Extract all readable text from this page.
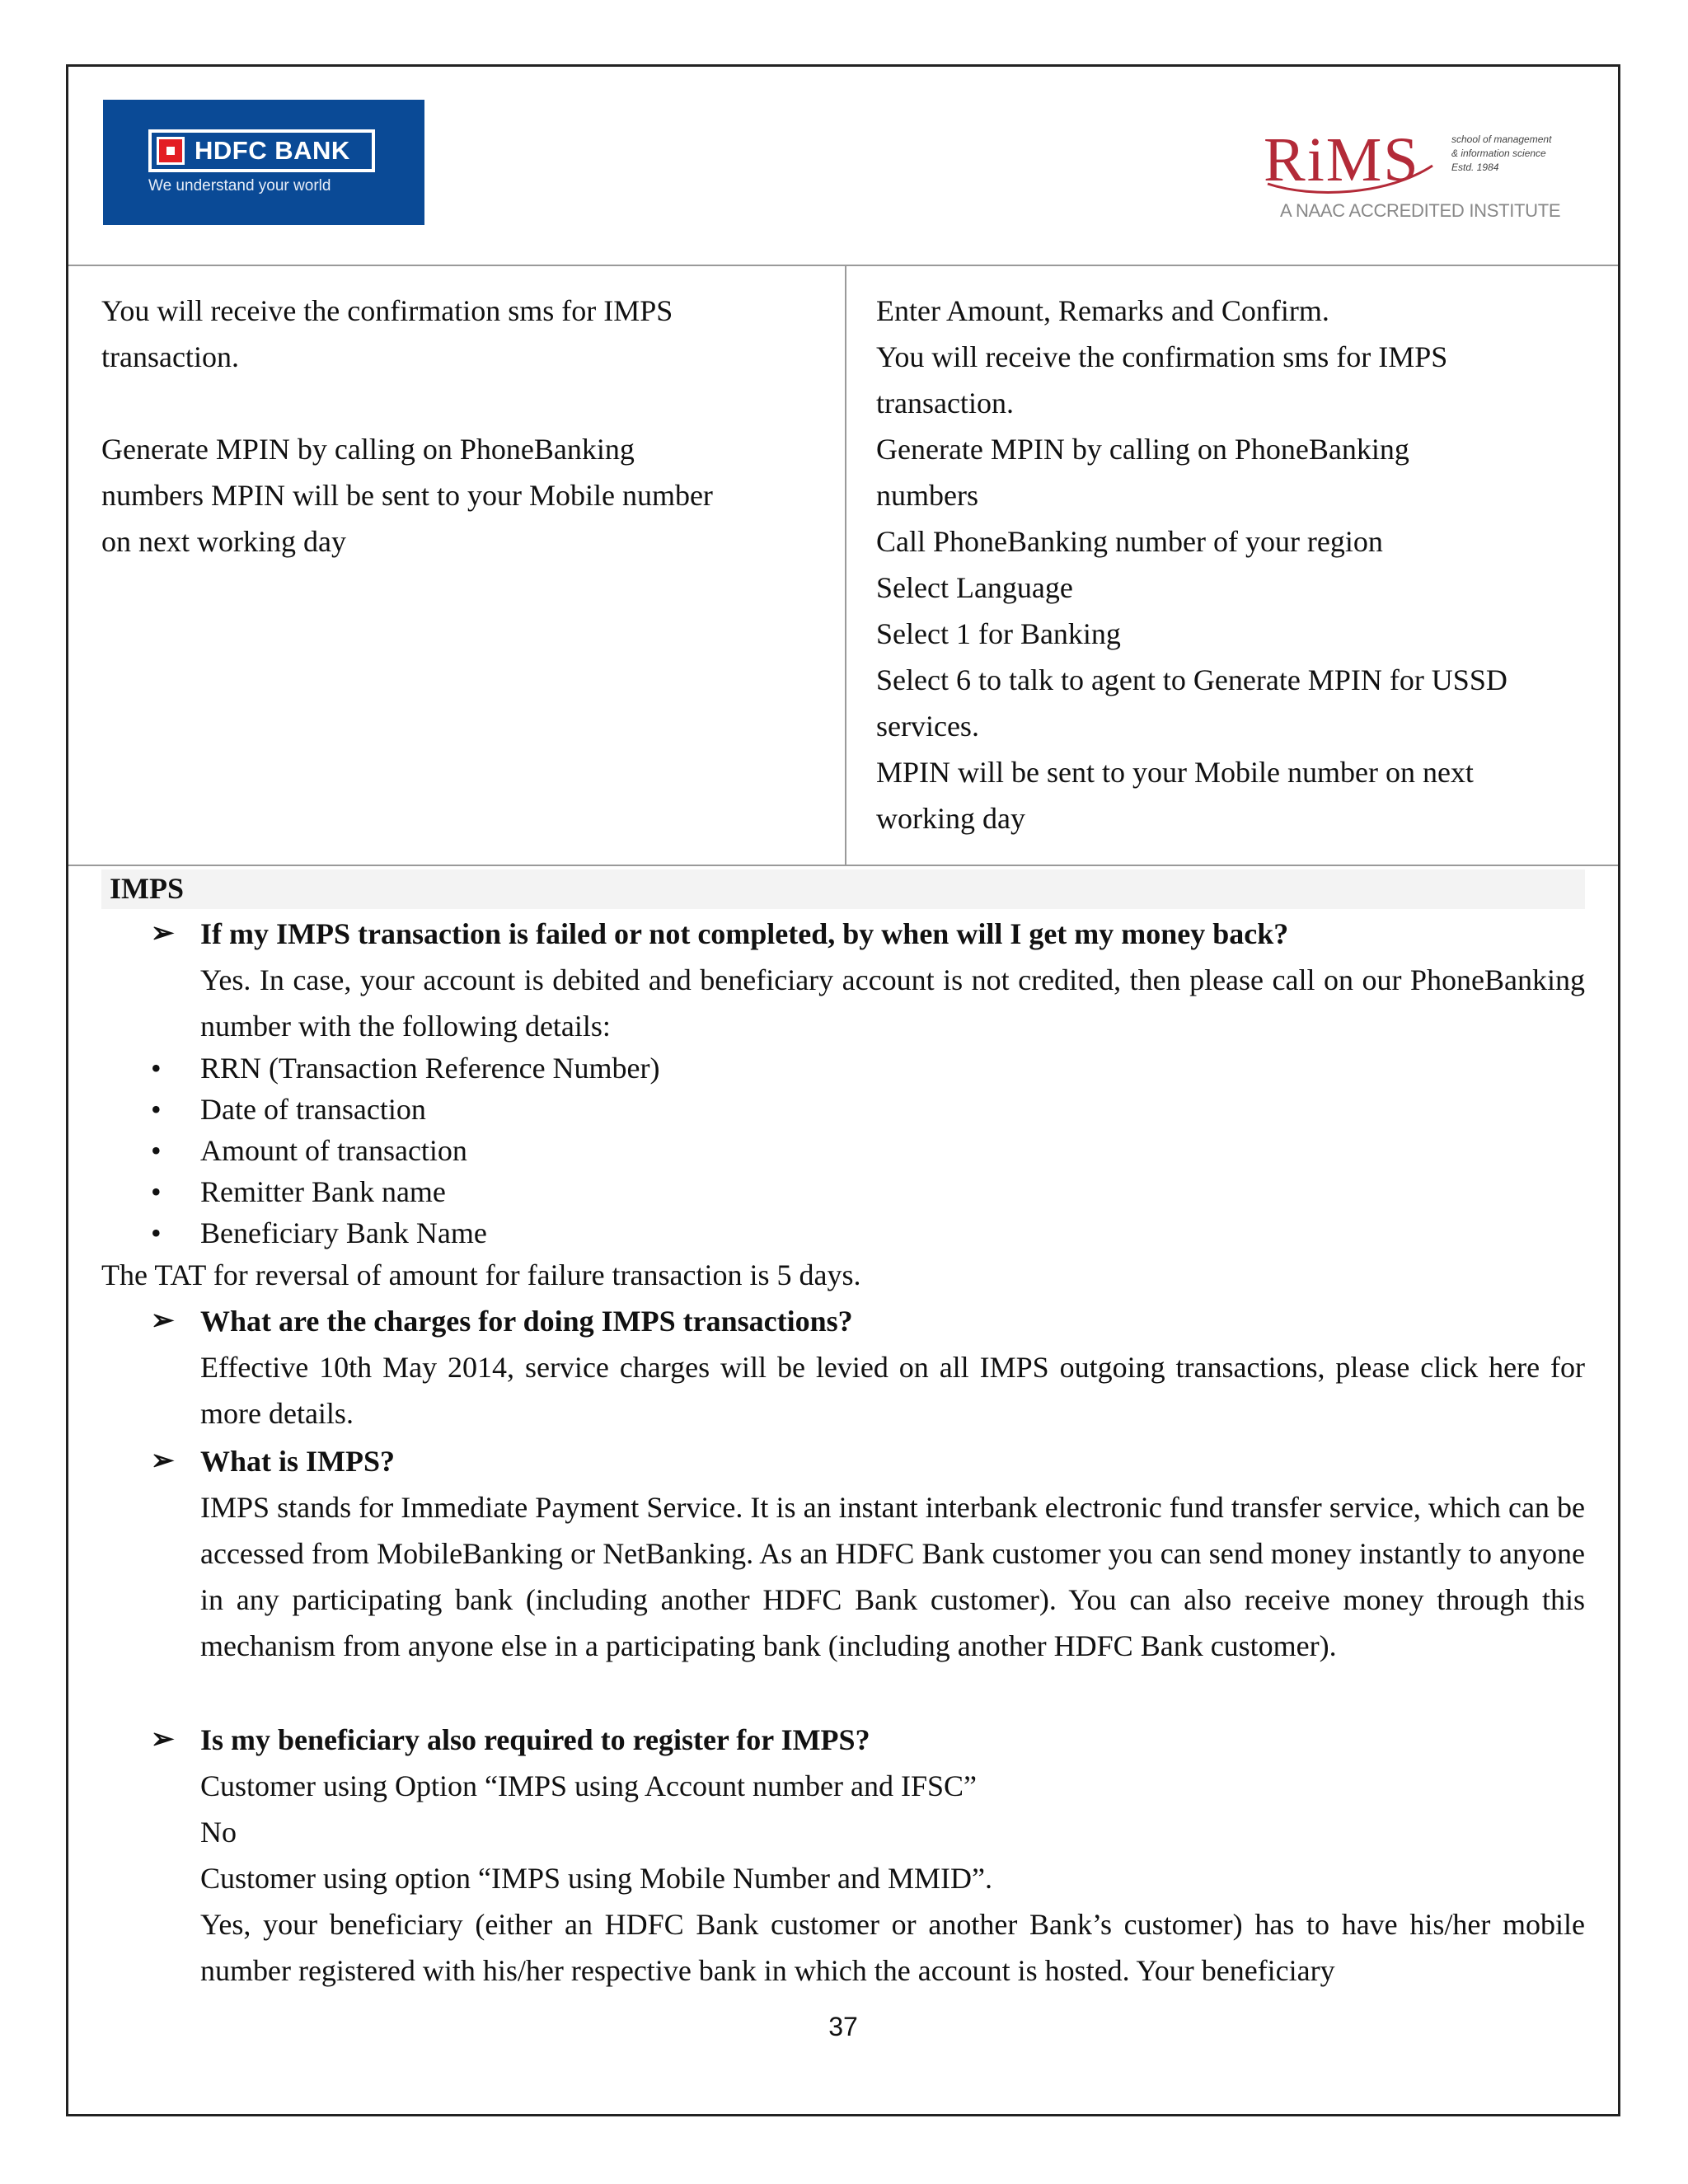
HDFC BANK
We understand your world	RiMS	school of management
& information science
Estd. 1984
A NAAC ACCREDITED INSTITUTE
You will receive the confirmation sms for IMPS
transaction.

Generate MPIN by calling on PhoneBanking
numbers MPIN will be sent to your Mobile number
on next working day
Enter Amount, Remarks and Confirm.
You will receive the confirmation sms for IMPS
transaction.
Generate MPIN by calling on PhoneBanking
numbers
Call PhoneBanking number of your region
Select Language
Select 1 for Banking
Select 6 to talk to agent to Generate MPIN for USSD
services.
MPIN will be sent to your Mobile number on next
working day
IMPS
➢ If my IMPS transaction is failed or not completed, by when will I get my money back?
Yes. In case, your account is debited and beneficiary account is not credited, then please call on our PhoneBanking number with the following details:
• RRN (Transaction Reference Number)
• Date of transaction
• Amount of transaction
• Remitter Bank name
• Beneficiary Bank Name
The TAT for reversal of amount for failure transaction is 5 days.
➢ What are the charges for doing IMPS transactions?
Effective 10th May 2014, service charges will be levied on all IMPS outgoing transactions, please click here for more details.
➢ What is IMPS?
IMPS stands for Immediate Payment Service. It is an instant interbank electronic fund transfer service, which can be accessed from MobileBanking or NetBanking. As an HDFC Bank customer you can send money instantly to anyone in any participating bank (including another HDFC Bank customer). You can also receive money through this mechanism from anyone else in a participating bank (including another HDFC Bank customer).
➢ Is my beneficiary also required to register for IMPS?
Customer using Option “IMPS using Account number and IFSC”
No
Customer using option “IMPS using Mobile Number and MMID”.
Yes, your beneficiary (either an HDFC Bank customer or another Bank’s customer) has to have his/her mobile number registered with his/her respective bank in which the account is hosted. Your beneficiary
37
